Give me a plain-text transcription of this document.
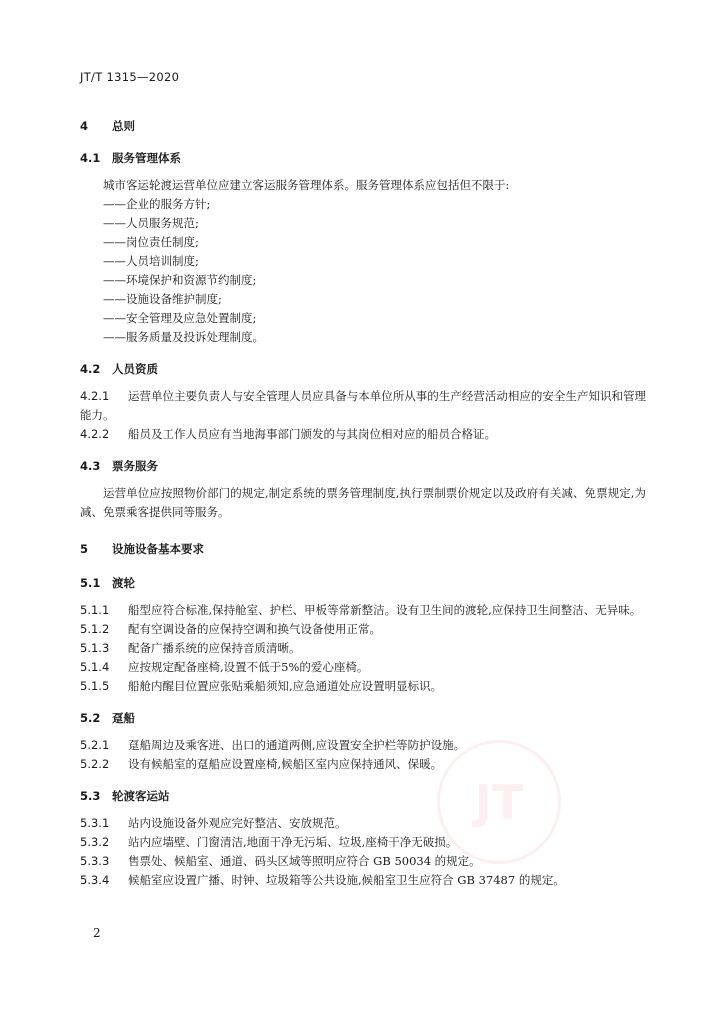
JT
JT/T 1315—2020
4 总则
4.1 服务管理体系
城市客运轮渡运营单位应建立客运服务管理体系。服务管理体系应包括但不限于:
——企业的服务方针;
——人员服务规范;
——岗位责任制度;
——人员培训制度;
——环境保护和资源节约制度;
——设施设备维护制度;
——安全管理及应急处置制度;
——服务质量及投诉处理制度。
4.2 人员资质
4.2.1 运营单位主要负责人与安全管理人员应具备与本单位所从事的生产经营活动相应的安全生产知识和管理能力。
4.2.2 船员及工作人员应有当地海事部门颁发的与其岗位相对应的船员合格证。
4.3 票务服务
运营单位应按照物价部门的规定,制定系统的票务管理制度,执行票制票价规定以及政府有关减、免票规定,为减、免票乘客提供同等服务。
5 设施设备基本要求
5.1 渡轮
5.1.1 船型应符合标准,保持舱室、护栏、甲板等常新整洁。设有卫生间的渡轮,应保持卫生间整洁、无异味。
5.1.2 配有空调设备的应保持空调和换气设备使用正常。
5.1.3 配备广播系统的应保持音质清晰。
5.1.4 应按规定配备座椅,设置不低于5%的爱心座椅。
5.1.5 船舱内醒目位置应张贴乘船须知,应急通道处应设置明显标识。
5.2 趸船
5.2.1 趸船周边及乘客进、出口的通道两侧,应设置安全护栏等防护设施。
5.2.2 设有候船室的趸船应设置座椅,候船区室内应保持通风、保暖。
5.3 轮渡客运站
5.3.1 站内设施设备外观应完好整洁、安放规范。
5.3.2 站内应墙壁、门窗清洁,地面干净无污垢、垃圾,座椅干净无破损。
5.3.3 售票处、候船室、通道、码头区域等照明应符合 GB 50034 的规定。
5.3.4 候船室应设置广播、时钟、垃圾箱等公共设施,候船室卫生应符合 GB 37487 的规定。
2
